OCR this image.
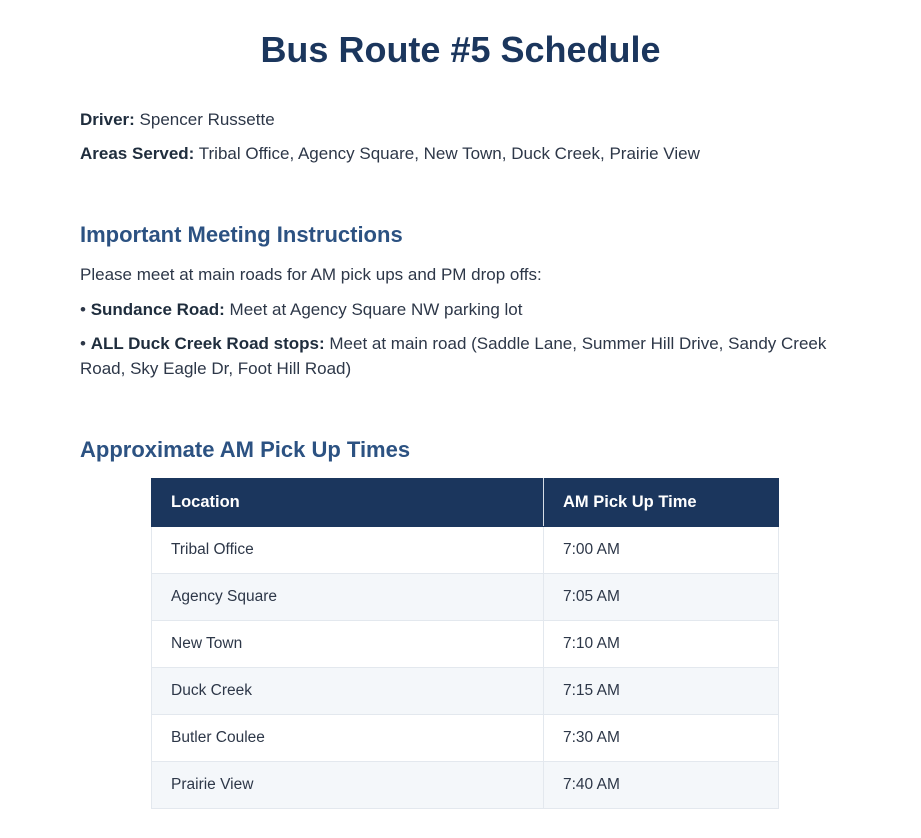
Bus Route #5 Schedule
Driver: Spencer Russette
Areas Served: Tribal Office, Agency Square, New Town, Duck Creek, Prairie View
Important Meeting Instructions
Please meet at main roads for AM pick ups and PM drop offs:
• Sundance Road: Meet at Agency Square NW parking lot
• ALL Duck Creek Road stops: Meet at main road (Saddle Lane, Summer Hill Drive, Sandy Creek Road, Sky Eagle Dr, Foot Hill Road)
Approximate AM Pick Up Times
Location	AM Pick Up Time
Tribal Office	7:00 AM
Agency Square	7:05 AM
New Town	7:10 AM
Duck Creek	7:15 AM
Butler Coulee	7:30 AM
Prairie View	7:40 AM
